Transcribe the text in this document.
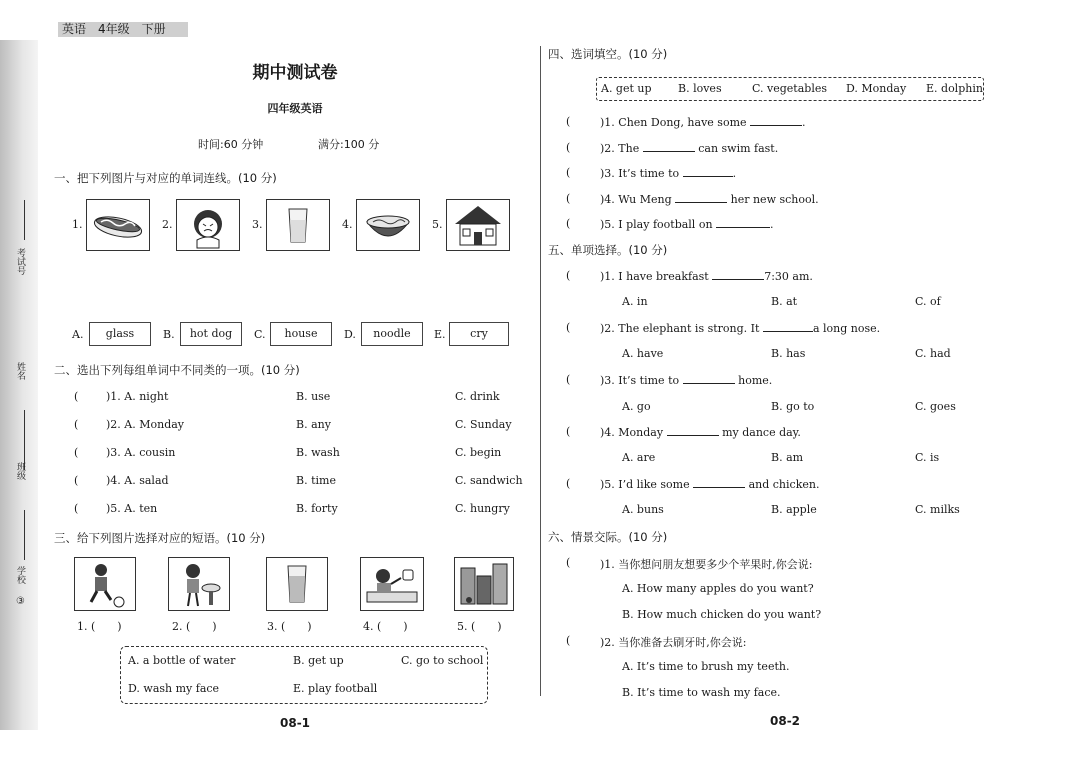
考试号
姓名
班级
学校
③
英语　4年级　下册
期中测试卷
四年级英语
时间:60 分钟	满分:100 分
一、把下列图片与对应的单词连线。(10 分)
1.	2.	3.	4.	5.
A.	glass	B.	hot dog	C.	house	D.	noodle	E.	cry
二、选出下列每组单词中不同类的一项。(10 分)
(	)1. A. night	B. use	C. drink
(	)2. A. Monday	B. any	C. Sunday
(	)3. A. cousin	B. wash	C. begin
(	)4. A. salad	B. time	C. sandwich
(	)5. A. ten	B. forty	C. hungry
三、给下列图片选择对应的短语。(10 分)
1. (　　)	2. (　　)	3. (　　)	4. (　　)	5. (　　)
A. a bottle of water	B. get up	C. go to school
D. wash my face	E. play football
08-1
四、选词填空。(10 分)
A. get up B. loves	C. vegetables D. Monday E. dolphin
(	)1. Chen Dong, have some	.
(	)2. The	can swim fast.
(	)3. It’s time to	.
(	)4. Wu Meng	her new school.
(	)5. I play football on	.
五、单项选择。(10 分)
(	)1. I have breakfast	7:30 am.
A. in	B. at	C. of
(	)2. The elephant is strong. It	a long nose.
A. have	B. has	C. had
(	)3. It’s time to	home.
A. go	B. go to	C. goes
(	)4. Monday	my dance day.
A. are	B. am	C. is
(	)5. I’d like some	and chicken.
A. buns	B. apple	C. milks
六、情景交际。(10 分)
(	)1. 当你想问朋友想要多少个苹果时,你会说:
A. How many apples do you want?
B. How much chicken do you want?
(	)2. 当你准备去刷牙时,你会说:
A. It’s time to brush my teeth.
B. It’s time to wash my face.
08-2
